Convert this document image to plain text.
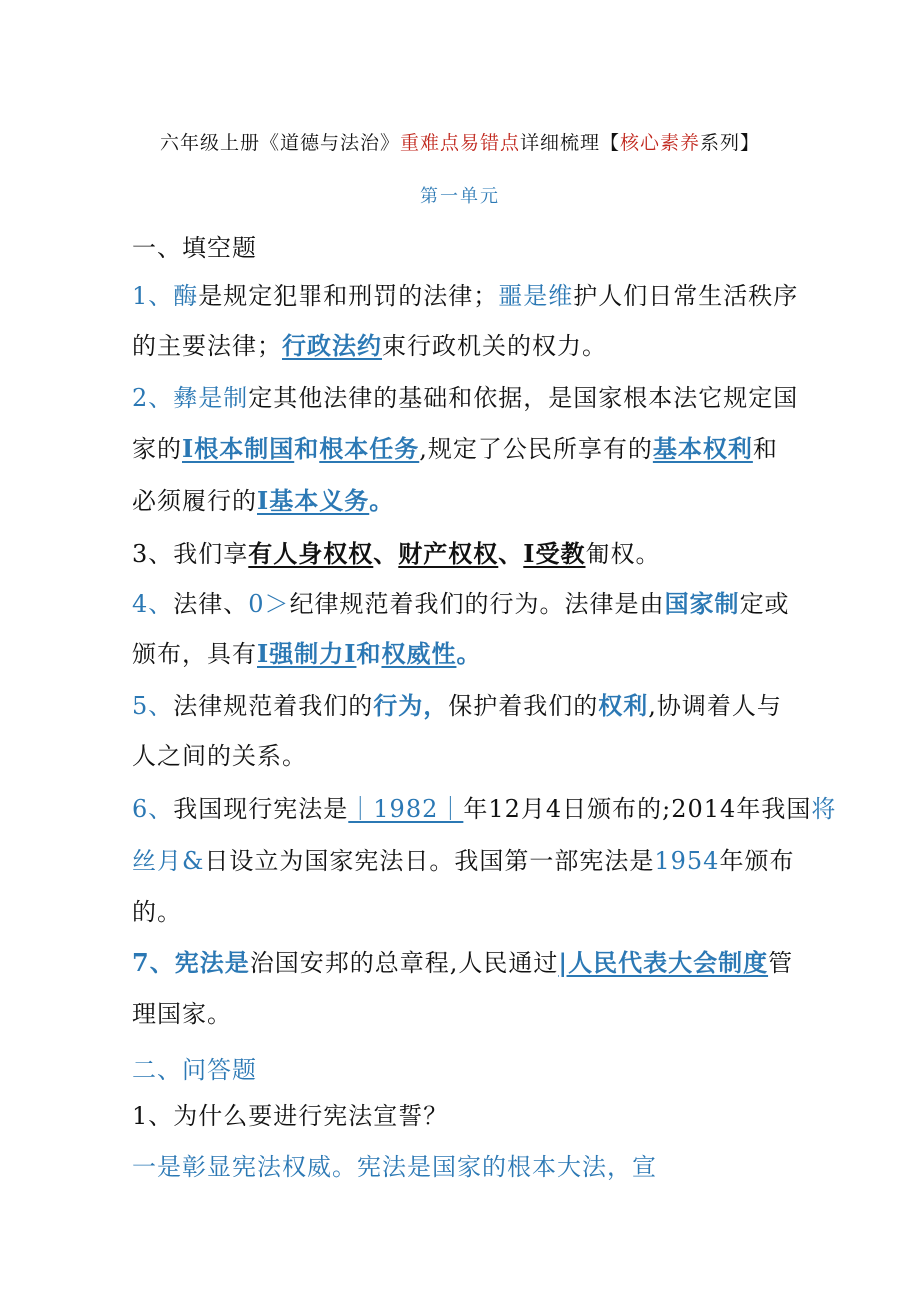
六年级上册《道德与法治》重难点易错点详细梳理【核心素养系列】
第一单元
一、填空题
1、酶是规定犯罪和刑罚的法律；噩是维护人们日常生活秩序
的主要法律；行政法约束行政机关的权力。
2、彝是制定其他法律的基础和依据，是国家根本法它规定国
家的I根本制国和根本任务,规定了公民所享有的基本权利和
必须履行的I基本义务。
3、我们享有人身权权、财产权权、I受教匍权。
4、法律、0＞纪律规范着我们的行为。法律是由国家制定或
颁布，具有I强制力I和权威性。
5、法律规范着我们的行为，保护着我们的权利,协调着人与
人之间的关系。
6、我国现行宪法是｜1982｜年12月4日颁布的;2014年我国将
丝月&日设立为国家宪法日。我国第一部宪法是1954年颁布
的。
7、宪法是治国安邦的总章程,人民通过|人民代表大会制度管
理国家。
二、问答题
1、为什么要进行宪法宣誓？
一是彰显宪法权威。宪法是国家的根本大法，宣
